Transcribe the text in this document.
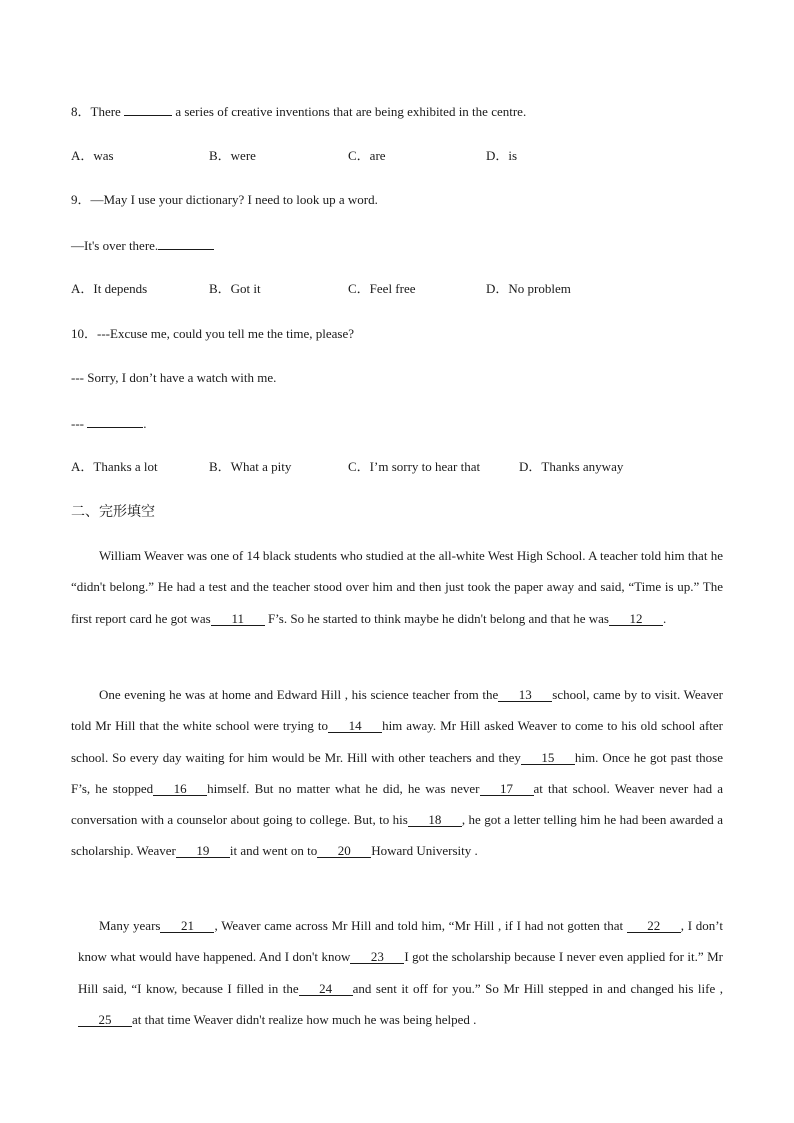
8．There	a series of creative inventions that are being exhibited in the centre.
A．was	B．were	C．are	D．is
9．—May I use your dictionary? I need to look up a word.
—It's over there.
A．It depends	B．Got it	C．Feel free	D．No problem
10．---Excuse me, could you tell me the time, please?
--- Sorry, I don’t have a watch with me.
---	.
A．Thanks a lot	B．What a pity	C．I’m sorry to hear that	D．Thanks anyway
二、完形填空
William Weaver was one of 14 black students who studied at the all-white West High School. A teacher told him that he “didn't belong.” He had a test and the teacher stood over him and then just took the paper away and said, “Time is up.” The first report card he got was 11 F’s. So he started to think maybe he didn't belong and that he was 12 .
One evening he was at home and Edward Hill , his science teacher from the 13 school, came by to visit. Weaver told Mr Hill that the white school were trying to 14 him away. Mr Hill asked Weaver to come to his old school after school. So every day waiting for him would be Mr. Hill with other teachers and they 15 him. Once he got past those F’s, he stopped 16 himself. But no matter what he did, he was never 17 at that school. Weaver never had a conversation with a counselor about going to college. But, to his 18 , he got a letter telling him he had been awarded a scholarship. Weaver 19 it and went on to 20 Howard University .
Many years 21 , Weaver came across Mr Hill and told him, “Mr Hill , if I had not gotten that 22 , I don’t know what would have happened. And I don't know 23 I got the scholarship because I never even applied for it.” Mr Hill said, “I know, because I filled in the 24 and sent it off for you.” So Mr Hill stepped in and changed his life ,25 at that time Weaver didn't realize how much he was being helped .
